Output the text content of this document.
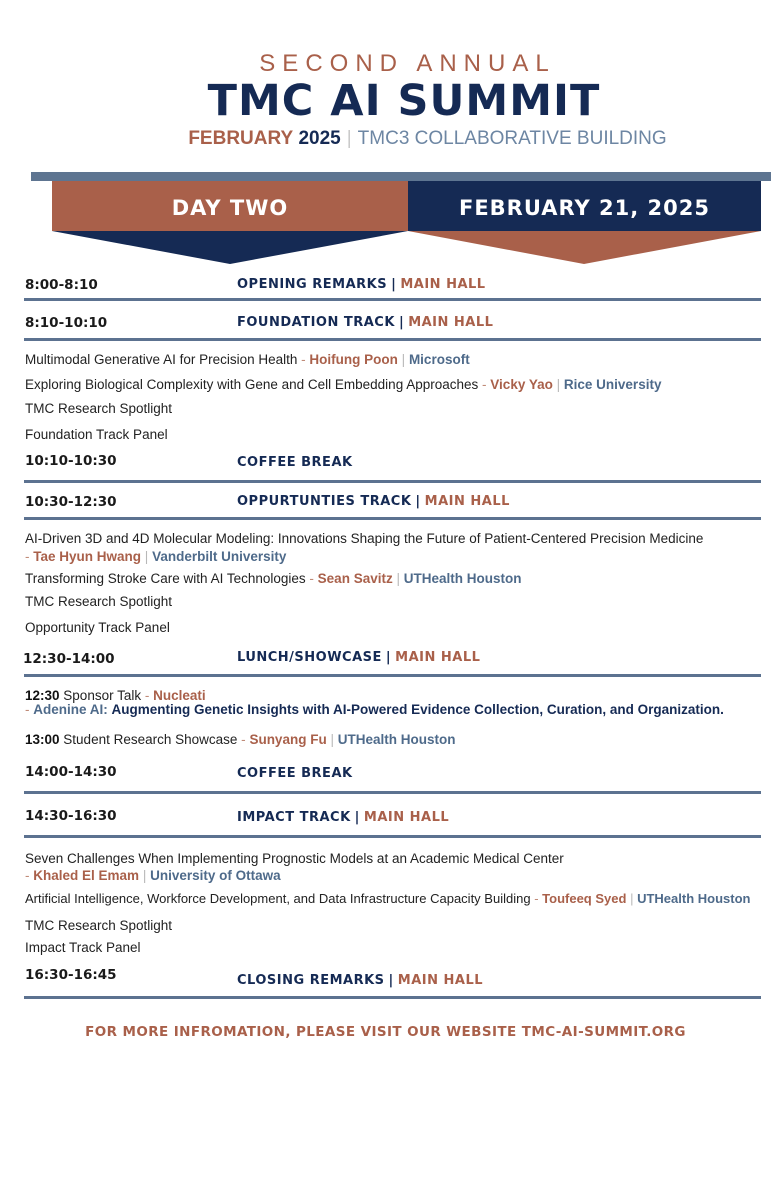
SECOND ANNUAL
TMC AI SUMMIT
FEBRUARY 2025 | TMC3 COLLABORATIVE BUILDING
DAY TWO	FEBRUARY 21, 2025
8:00-8:10	OPENING REMARKS | MAIN HALL
8:10-10:10	FOUNDATION TRACK | MAIN HALL
Multimodal Generative AI for Precision Health - Hoifung Poon | Microsoft
Exploring Biological Complexity with Gene and Cell Embedding Approaches - Vicky Yao | Rice University
TMC Research Spotlight
Foundation Track Panel
10:10-10:30	COFFEE BREAK
10:30-12:30	OPPURTUNTIES TRACK | MAIN HALL
AI-Driven 3D and 4D Molecular Modeling: Innovations Shaping the Future of Patient-Centered Precision Medicine
- Tae Hyun Hwang | Vanderbilt University
Transforming Stroke Care with AI Technologies - Sean Savitz | UTHealth Houston
TMC Research Spotlight
Opportunity Track Panel
12:30-14:00	LUNCH/SHOWCASE | MAIN HALL
12:30 Sponsor Talk - Nucleati
- Adenine AI: Augmenting Genetic Insights with AI-Powered Evidence Collection, Curation, and Organization.
13:00 Student Research Showcase - Sunyang Fu | UTHealth Houston
14:00-14:30	COFFEE BREAK
14:30-16:30	IMPACT TRACK | MAIN HALL
Seven Challenges When Implementing Prognostic Models at an Academic Medical Center
- Khaled El Emam | University of Ottawa
Artificial Intelligence, Workforce Development, and Data Infrastructure Capacity Building - Toufeeq Syed | UTHealth Houston
TMC Research Spotlight
Impact Track Panel
16:30-16:45	CLOSING REMARKS | MAIN HALL
FOR MORE INFROMATION, PLEASE VISIT OUR WEBSITE TMC-AI-SUMMIT.ORG
